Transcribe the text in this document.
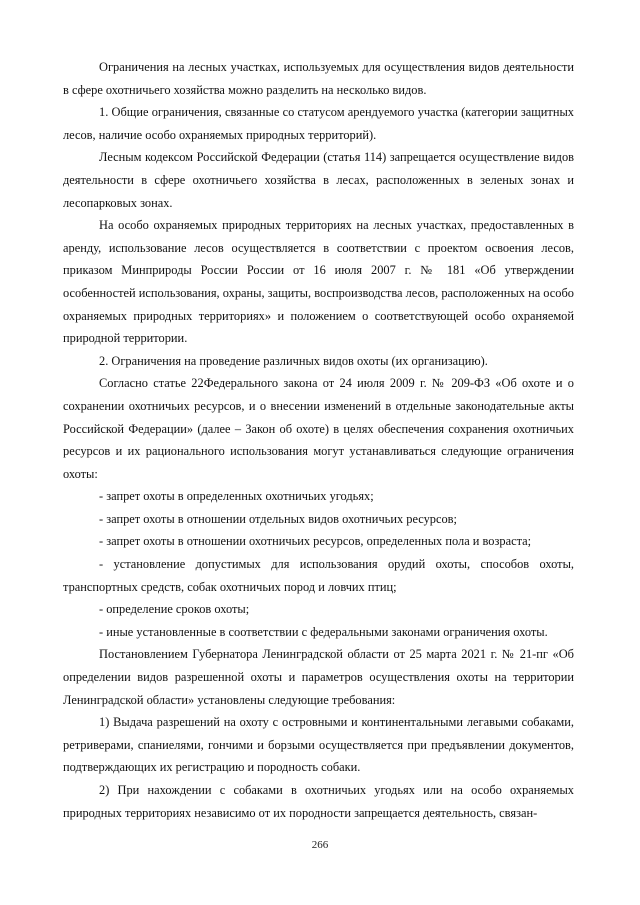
Ограничения на лесных участках, используемых для осуществления видов деятельности в сфере охотничьего хозяйства можно разделить на несколько видов.

1. Общие ограничения, связанные со статусом арендуемого участка (категории защитных лесов, наличие особо охраняемых природных территорий).

Лесным кодексом Российской Федерации (статья 114) запрещается осуществление видов деятельности в сфере охотничьего хозяйства в лесах, расположенных в зеленых зонах и лесопарковых зонах.

На особо охраняемых природных территориях на лесных участках, предоставленных в аренду, использование лесов осуществляется в соответствии с проектом освоения лесов, приказом Минприроды России России от 16 июля 2007 г. № 181 «Об утверждении особенностей использования, охраны, защиты, воспроизводства лесов, расположенных на особо охраняемых природных территориях» и положением о соответствующей особо охраняемой природной территории.

2. Ограничения на проведение различных видов охоты (их организацию).

Согласно статье 22Федерального закона от 24 июля 2009 г. № 209-ФЗ «Об охоте и о сохранении охотничьих ресурсов, и о внесении изменений в отдельные законодательные акты Российской Федерации» (далее – Закон об охоте) в целях обеспечения сохранения охотничьих ресурсов и их рационального использования могут устанавливаться следующие ограничения охоты:

- запрет охоты в определенных охотничьих угодьях;

- запрет охоты в отношении отдельных видов охотничьих ресурсов;

- запрет охоты в отношении охотничьих ресурсов, определенных пола и возраста;

- установление допустимых для использования орудий охоты, способов охоты, транспортных средств, собак охотничьих пород и ловчих птиц;

- определение сроков охоты;

- иные установленные в соответствии с федеральными законами ограничения охоты.

Постановлением Губернатора Ленинградской области от 25 марта 2021 г. № 21-пг «Об определении видов разрешенной охоты и параметров осуществления охоты на территории Ленинградской области» установлены следующие требования:

1) Выдача разрешений на охоту с островными и континентальными легавыми собаками, ретриверами, спаниелями, гончими и борзыми осуществляется при предъявлении документов, подтверждающих их регистрацию и породность собаки.

2) При нахождении с собаками в охотничьих угодьях или на особо охраняемых природных территориях независимо от их породности запрещается деятельность, связан-

266
